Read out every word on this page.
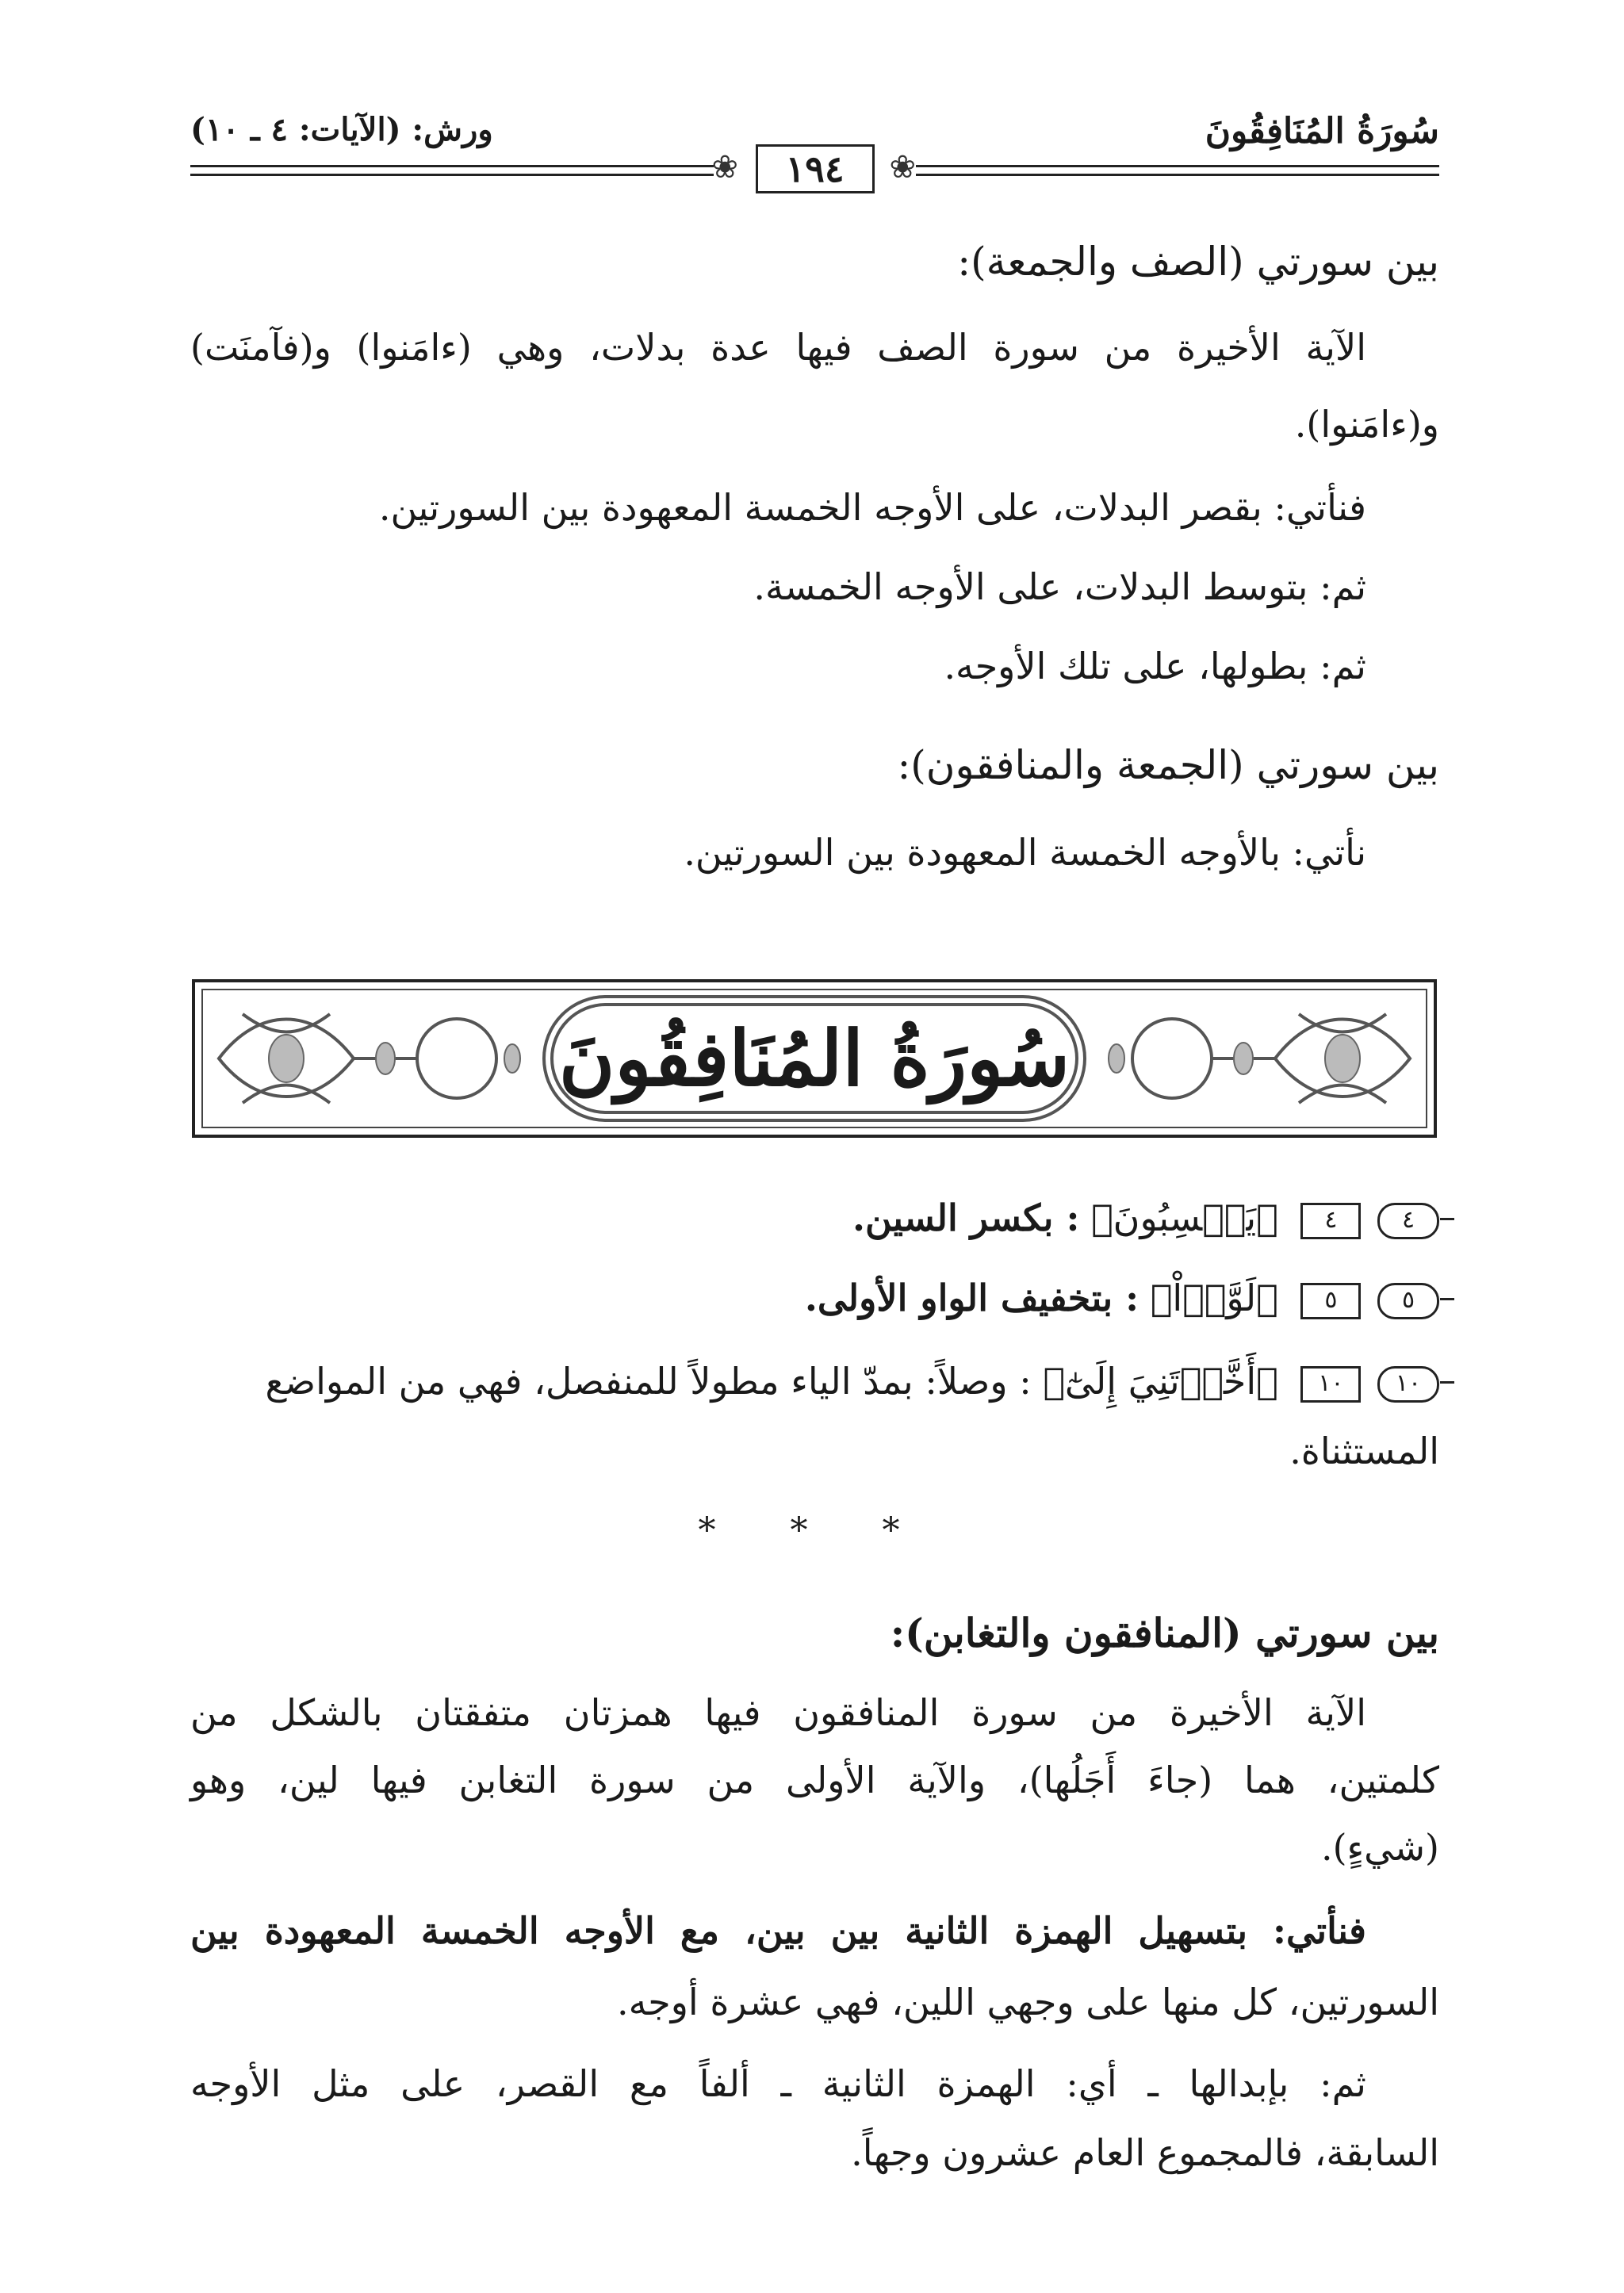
سُورَةُ المُنَافِقُونَ
ورش: (الآيات: ٤ ـ ١٠)
❀	١٩٤	❀
بين سورتي (الصف والجمعة):
الآية الأخيرة من سورة الصف فيها عدة بدلات، وهي (ءامَنوا) و(فآمنَت)
و(ءامَنوا).
فنأتي: بقصر البدلات، على الأوجه الخمسة المعهودة بين السورتين.
ثم: بتوسط البدلات، على الأوجه الخمسة.
ثم: بطولها، على تلك الأوجه.
بين سورتي (الجمعة والمنافقون):
نأتي: بالأوجه الخمسة المعهودة بين السورتين.
سُورَةُ المُنَافِقُونَ
٤ ٤ ﴿يَحۡسِبُونَ﴾ : بكسر السين.
٥ ٥ ﴿لَوَّوۡاْ﴾ : بتخفيف الواو الأولى.
١٠ ١٠ ﴿أَخَّرۡتَنِيَ إِلَىٰٓ﴾ : وصلاً: بمدّ الياء مطولاً للمنفصل، فهي من المواضع
المستثناة.
* * *
بين سورتي (المنافقون والتغابن):
الآية الأخيرة من سورة المنافقون فيها همزتان متفقتان بالشكل من
كلمتين، هما (جاءَ أَجَلُها)، والآية الأولى من سورة التغابن فيها لين، وهو
(شيءٍ).
فنأتي: بتسهيل الهمزة الثانية بين بين، مع الأوجه الخمسة المعهودة بين
السورتين، كل منها على وجهي اللين، فهي عشرة أوجه.
ثم: بإبدالها ـ أي: الهمزة الثانية ـ ألفاً مع القصر، على مثل الأوجه
السابقة، فالمجموع العام عشرون وجهاً.
